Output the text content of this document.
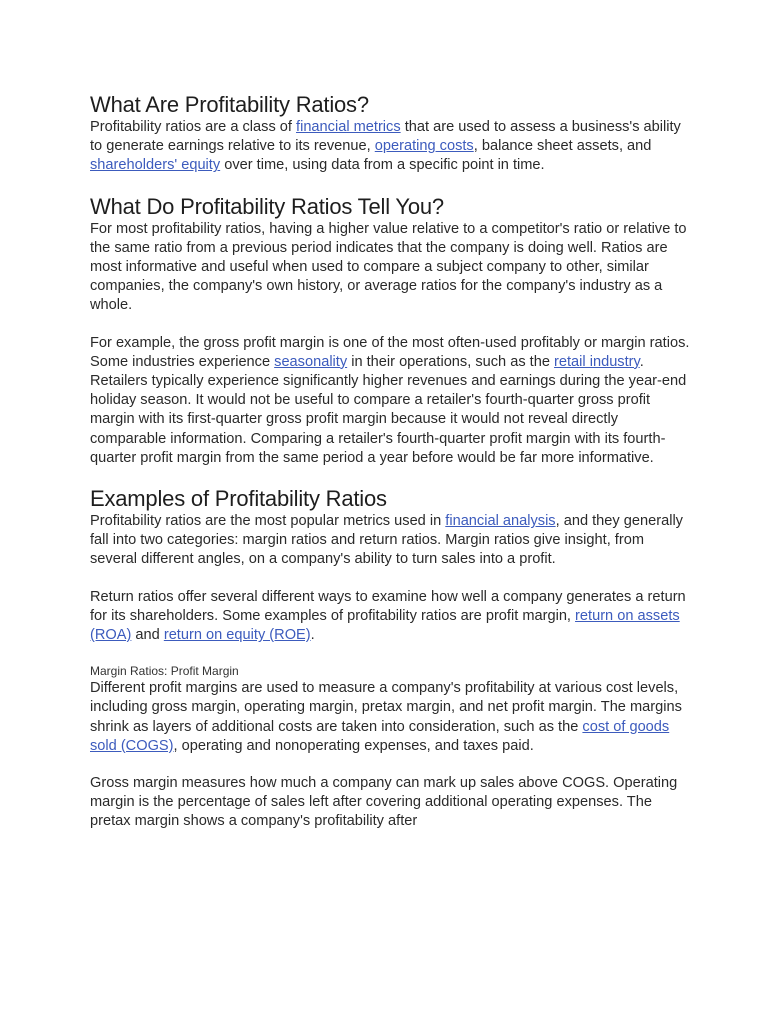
What Are Profitability Ratios?

Profitability ratios are a class of financial metrics that are used to assess a business's ability to generate earnings relative to its revenue, operating costs, balance sheet assets, and shareholders' equity over time, using data from a specific point in time.

What Do Profitability Ratios Tell You?

For most profitability ratios, having a higher value relative to a competitor's ratio or relative to the same ratio from a previous period indicates that the company is doing well. Ratios are most informative and useful when used to compare a subject company to other, similar companies, the company's own history, or average ratios for the company's industry as a whole.

For example, the gross profit margin is one of the most often-used profitably or margin ratios. Some industries experience seasonality in their operations, such as the retail industry. Retailers typically experience significantly higher revenues and earnings during the year-end holiday season. It would not be useful to compare a retailer's fourth-quarter gross profit margin with its first-quarter gross profit margin because it would not reveal directly comparable information. Comparing a retailer's fourth-quarter profit margin with its fourth-quarter profit margin from the same period a year before would be far more informative.

Examples of Profitability Ratios

Profitability ratios are the most popular metrics used in financial analysis, and they generally fall into two categories: margin ratios and return ratios. Margin ratios give insight, from several different angles, on a company's ability to turn sales into a profit.

Return ratios offer several different ways to examine how well a company generates a return for its shareholders. Some examples of profitability ratios are profit margin, return on assets (ROA) and return on equity (ROE).

Margin Ratios: Profit Margin

Different profit margins are used to measure a company's profitability at various cost levels, including gross margin, operating margin, pretax margin, and net profit margin. The margins shrink as layers of additional costs are taken into consideration, such as the cost of goods sold (COGS), operating and nonoperating expenses, and taxes paid.

Gross margin measures how much a company can mark up sales above COGS. Operating margin is the percentage of sales left after covering additional operating expenses. The pretax margin shows a company's profitability after
